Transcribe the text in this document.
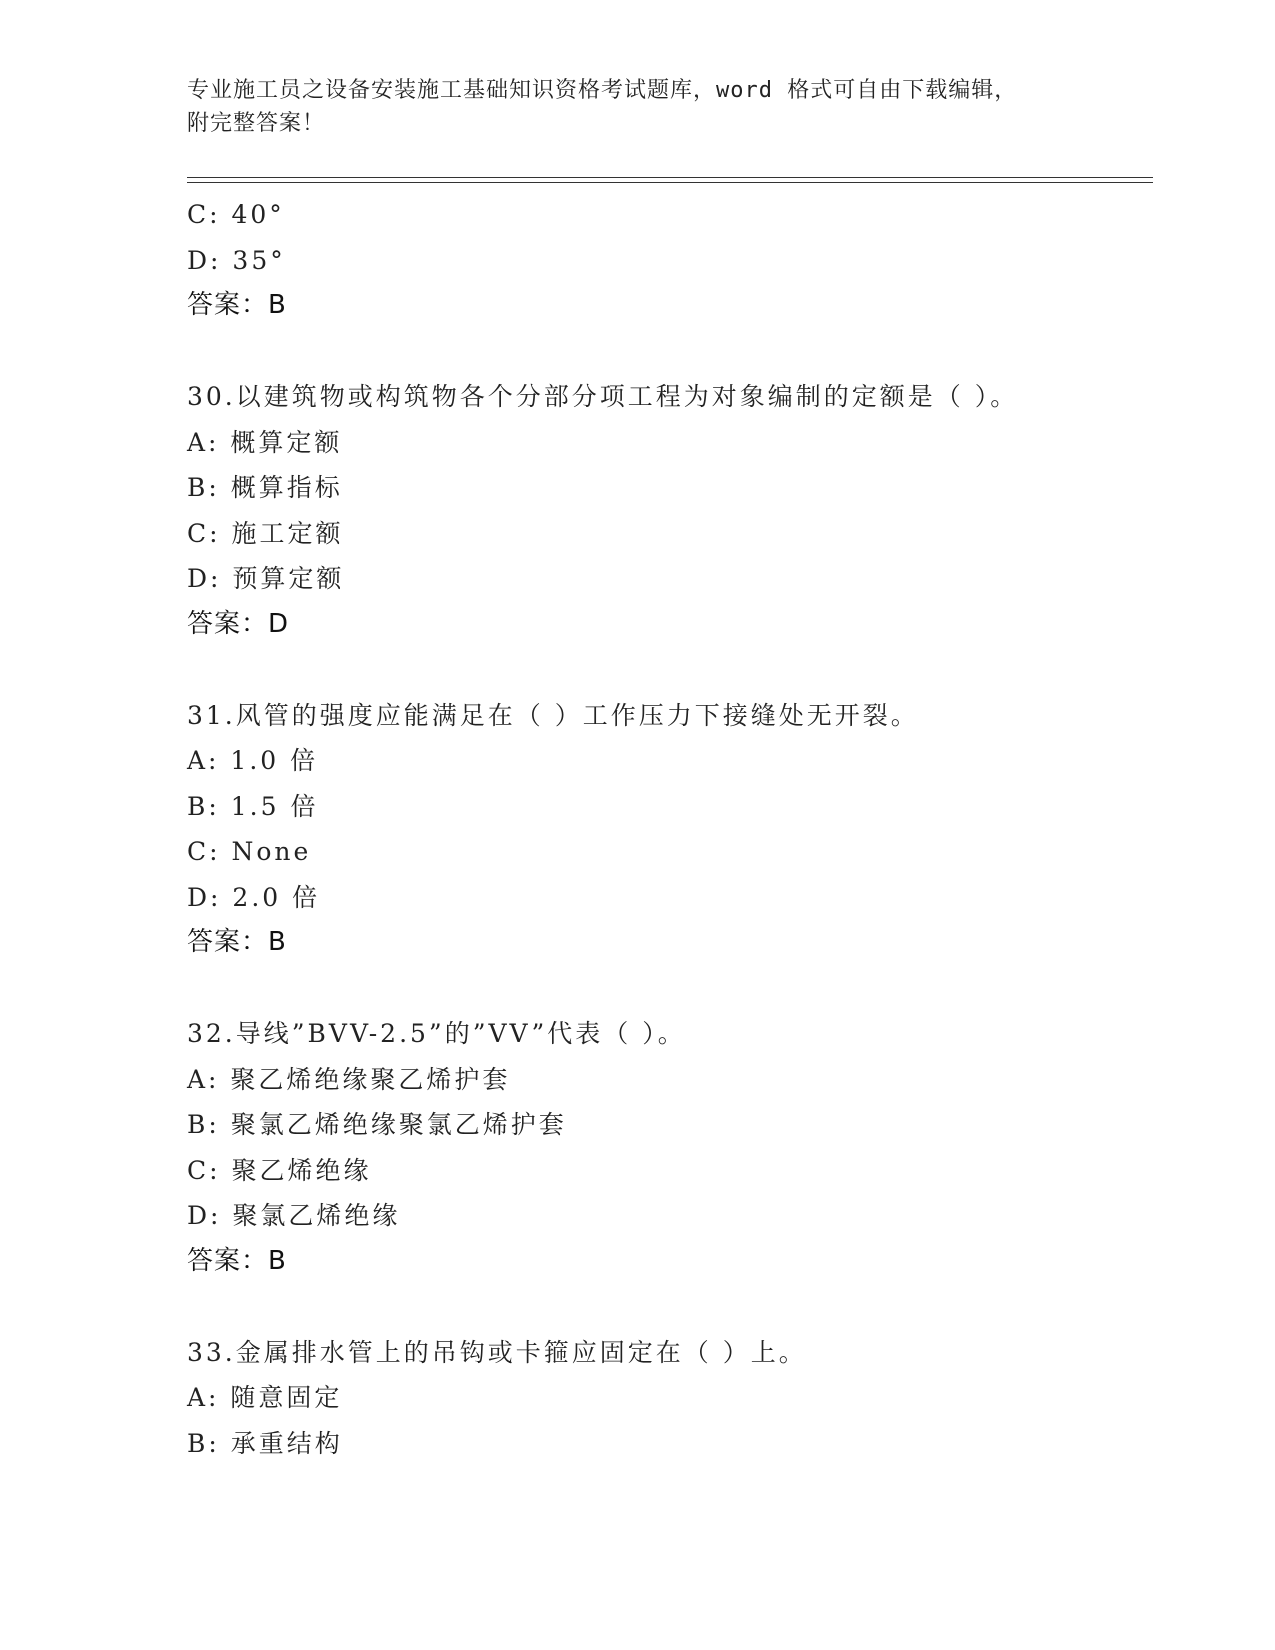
专业施工员之设备安装施工基础知识资格考试题库，word 格式可自由下载编辑，
附完整答案！
C: 40°
D: 35°
答案：B
30.以建筑物或构筑物各个分部分项工程为对象编制的定额是（ ）。
A: 概算定额
B: 概算指标
C: 施工定额
D: 预算定额
答案：D
31.风管的强度应能满足在（ ）工作压力下接缝处无开裂。
A: 1.0 倍
B: 1.5 倍
C: None
D: 2.0 倍
答案：B
32.导线”BVV-2.5”的”VV”代表（ ）。
A: 聚乙烯绝缘聚乙烯护套
B: 聚氯乙烯绝缘聚氯乙烯护套
C: 聚乙烯绝缘
D: 聚氯乙烯绝缘
答案：B
33.金属排水管上的吊钩或卡箍应固定在（ ）上。
A: 随意固定
B: 承重结构
